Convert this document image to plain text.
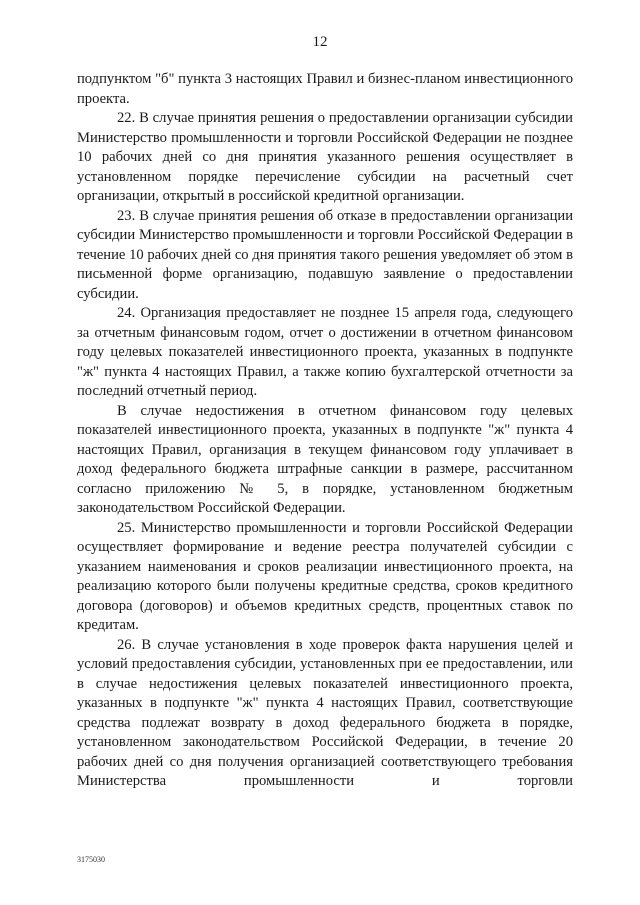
12

подпунктом "б" пункта 3 настоящих Правил и бизнес-планом инвестиционного проекта.

22. В случае принятия решения о предоставлении организации субсидии Министерство промышленности и торговли Российской Федерации не позднее 10 рабочих дней со дня принятия указанного решения осуществляет в установленном порядке перечисление субсидии на расчетный счет организации, открытый в российской кредитной организации.

23. В случае принятия решения об отказе в предоставлении организации субсидии Министерство промышленности и торговли Российской Федерации в течение 10 рабочих дней со дня принятия такого решения уведомляет об этом в письменной форме организацию, подавшую заявление о предоставлении субсидии.

24. Организация предоставляет не позднее 15 апреля года, следующего за отчетным финансовым годом, отчет о достижении в отчетном финансовом году целевых показателей инвестиционного проекта, указанных в подпункте "ж" пункта 4 настоящих Правил, а также копию бухгалтерской отчетности за последний отчетный период.

В случае недостижения в отчетном финансовом году целевых показателей инвестиционного проекта, указанных в подпункте "ж" пункта 4 настоящих Правил, организация в текущем финансовом году уплачивает в доход федерального бюджета штрафные санкции в размере, рассчитанном согласно приложению № 5, в порядке, установленном бюджетным законодательством Российской Федерации.

25. Министерство промышленности и торговли Российской Федерации осуществляет формирование и ведение реестра получателей субсидии с указанием наименования и сроков реализации инвестиционного проекта, на реализацию которого были получены кредитные средства, сроков кредитного договора (договоров) и объемов кредитных средств, процентных ставок по кредитам.

26. В случае установления в ходе проверок факта нарушения целей и условий предоставления субсидии, установленных при ее предоставлении, или в случае недостижения целевых показателей инвестиционного проекта, указанных в подпункте "ж" пункта 4 настоящих Правил, соответствующие средства подлежат возврату в доход федерального бюджета в порядке, установленном законодательством Российской Федерации, в течение 20 рабочих дней со дня получения организацией соответствующего требования Министерства промышленности и торговли

3175030
